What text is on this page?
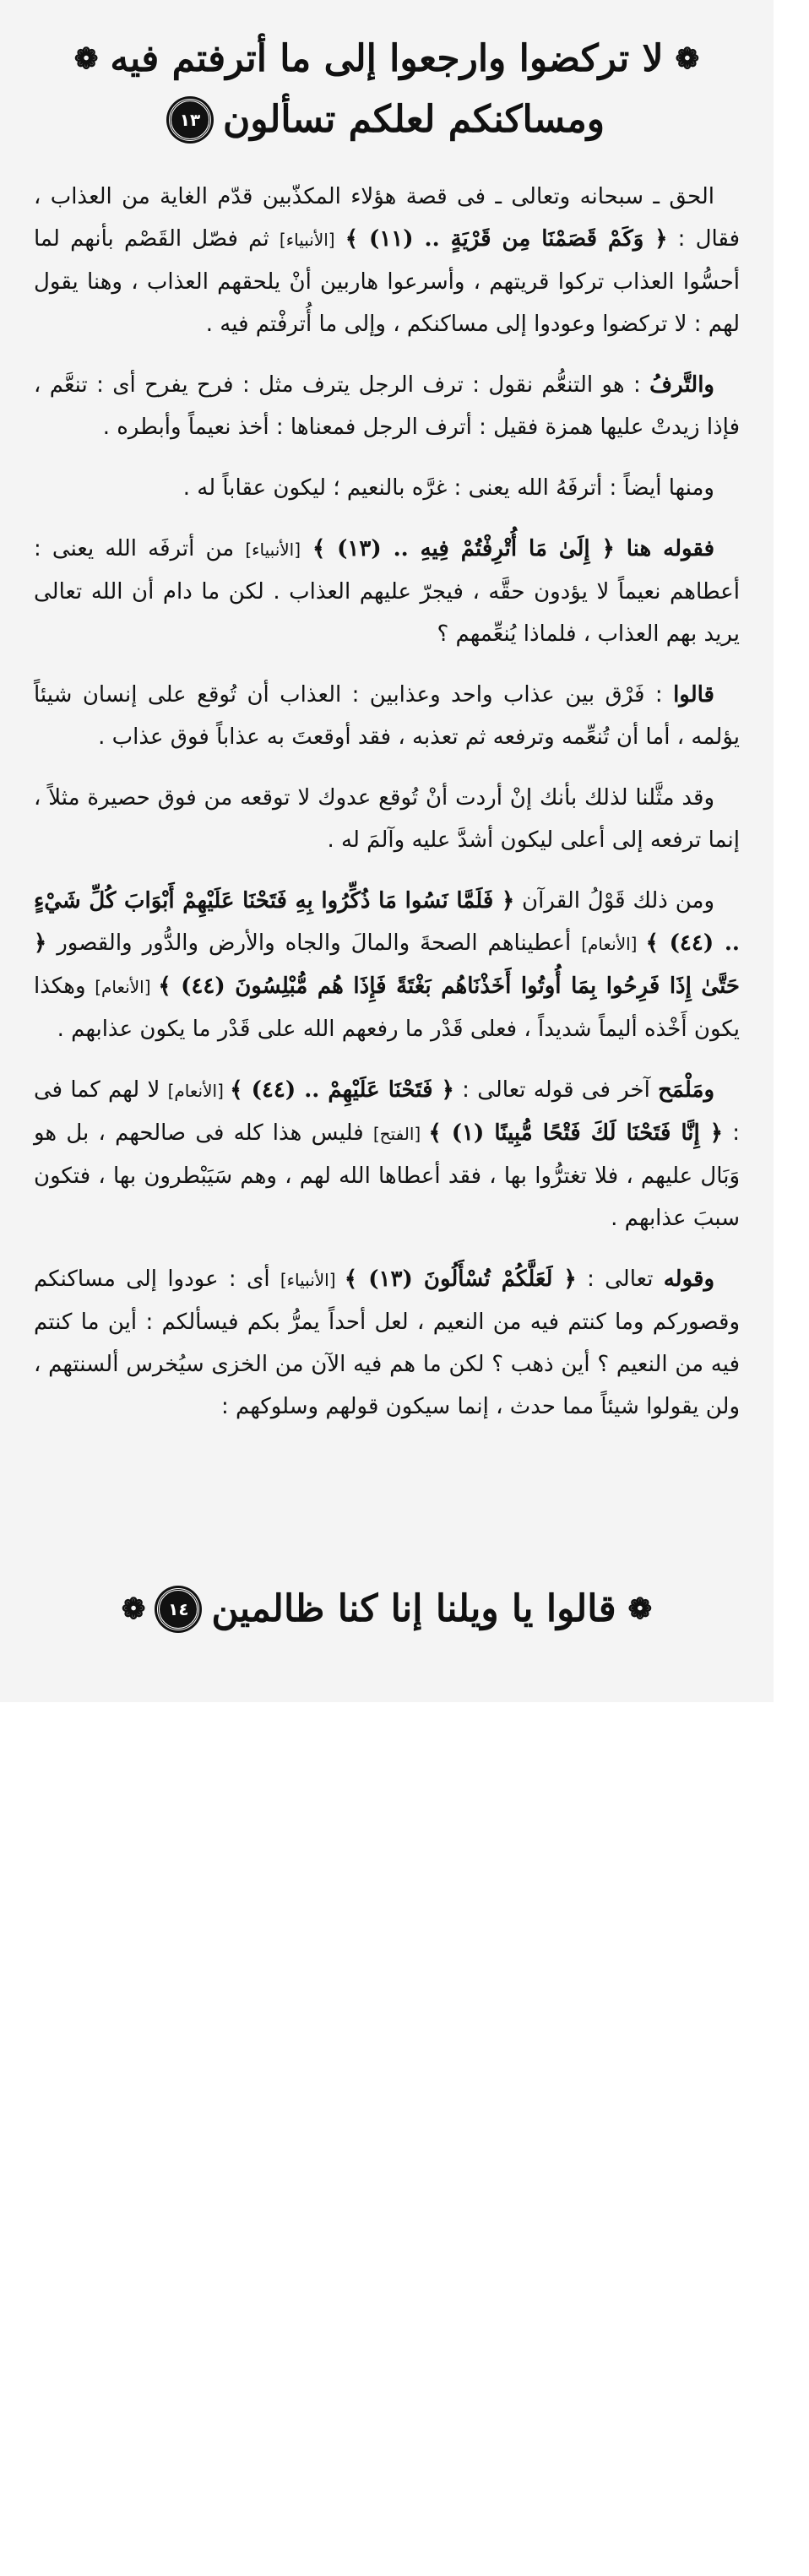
❁
لا تركضوا وارجعوا إلى ما أترفتم فيه
❁
ومساكنكم لعلكم تسألون
١٣

الحق ـ سبحانه وتعالى ـ فى قصة هؤلاء المكذّبين قدّم الغاية من العذاب ، فقال : ﴿ وَكَمْ قَصَمْنَا مِن قَرْيَةٍ .. (١١) ﴾ [الأنبياء] ثم فصّل القَصْم بأنهم لما أحسُّوا العذاب تركوا قريتهم ، وأسرعوا هاربين أنْ يلحقهم العذاب ، وهنا يقول لهم : لا تركضوا وعودوا إلى مساكنكم ، وإلى ما أُترفْتم فيه .

والتَّرفُ : هو التنعُّم نقول : ترف الرجل يترف مثل : فرح يفرح أى : تنعَّم ، فإذا زيدتْ عليها همزة فقيل : أترف الرجل فمعناها : أخذ نعيماً وأبطره .

ومنها أيضاً : أترفَهُ الله يعنى : غرَّه بالنعيم ؛ ليكون عقاباً له .

فقوله هنا ﴿ إِلَىٰ مَا أُتْرِفْتُمْ فِيهِ .. (١٣) ﴾ [الأنبياء] من أترفَه الله يعنى : أعطاهم نعيماً لا يؤدون حقَّه ، فيجرّ عليهم العذاب . لكن ما دام أن الله تعالى يريد بهم العذاب ، فلماذا يُنعِّمهم ؟

قالوا : فَرْق بين عذاب واحد وعذابين : العذاب أن تُوقع على إنسان شيئاً يؤلمه ، أما أن تُنعِّمه وترفعه ثم تعذبه ، فقد أوقعتَ به عذاباً فوق عذاب .

وقد مثَّلنا لذلك بأنك إنْ أردت أنْ تُوقع عدوك لا توقعه من فوق حصيرة مثلاً ، إنما ترفعه إلى أعلى ليكون أشدَّ عليه وآلمَ له .

ومن ذلك قَوْلُ القرآن ﴿ فَلَمَّا نَسُوا مَا ذُكِّرُوا بِهِ فَتَحْنَا عَلَيْهِمْ أَبْوَابَ كُلِّ شَيْءٍ .. (٤٤) ﴾ [الأنعام] أعطيناهم الصحةَ والمالَ والجاه والأرض والدُّور والقصور ﴿ حَتَّىٰ إِذَا فَرِحُوا بِمَا أُوتُوا أَخَذْنَاهُم بَغْتَةً فَإِذَا هُم مُّبْلِسُونَ (٤٤) ﴾ [الأنعام] وهكذا يكون أَخْذه أليماً شديداً ، فعلى قَدْر ما رفعهم الله على قَدْر ما يكون عذابهم .

ومَلْمَح آخر فى قوله تعالى : ﴿ فَتَحْنَا عَلَيْهِمْ .. (٤٤) ﴾ [الأنعام] لا لهم كما فى : ﴿ إِنَّا فَتَحْنَا لَكَ فَتْحًا مُّبِينًا (١) ﴾ [الفتح] فليس هذا كله فى صالحهم ، بل هو وَبَال عليهم ، فلا تغترُّوا بها ، فقد أعطاها الله لهم ، وهم سَيَبْطرون بها ، فتكون سببَ عذابهم .

وقوله تعالى : ﴿ لَعَلَّكُمْ تُسْأَلُونَ (١٣) ﴾ [الأنبياء] أى : عودوا إلى مساكنكم وقصوركم وما كنتم فيه من النعيم ، لعل أحداً يمرُّ بكم فيسألكم : أين ما كنتم فيه من النعيم ؟ أين ذهب ؟ لكن ما هم فيه الآن من الخزى سيُخرس ألسنتهم ، ولن يقولوا شيئاً مما حدث ، إنما سيكون قولهم وسلوكهم :

❁
قالوا يا ويلنا إنا كنا ظالمين
١٤
❁
